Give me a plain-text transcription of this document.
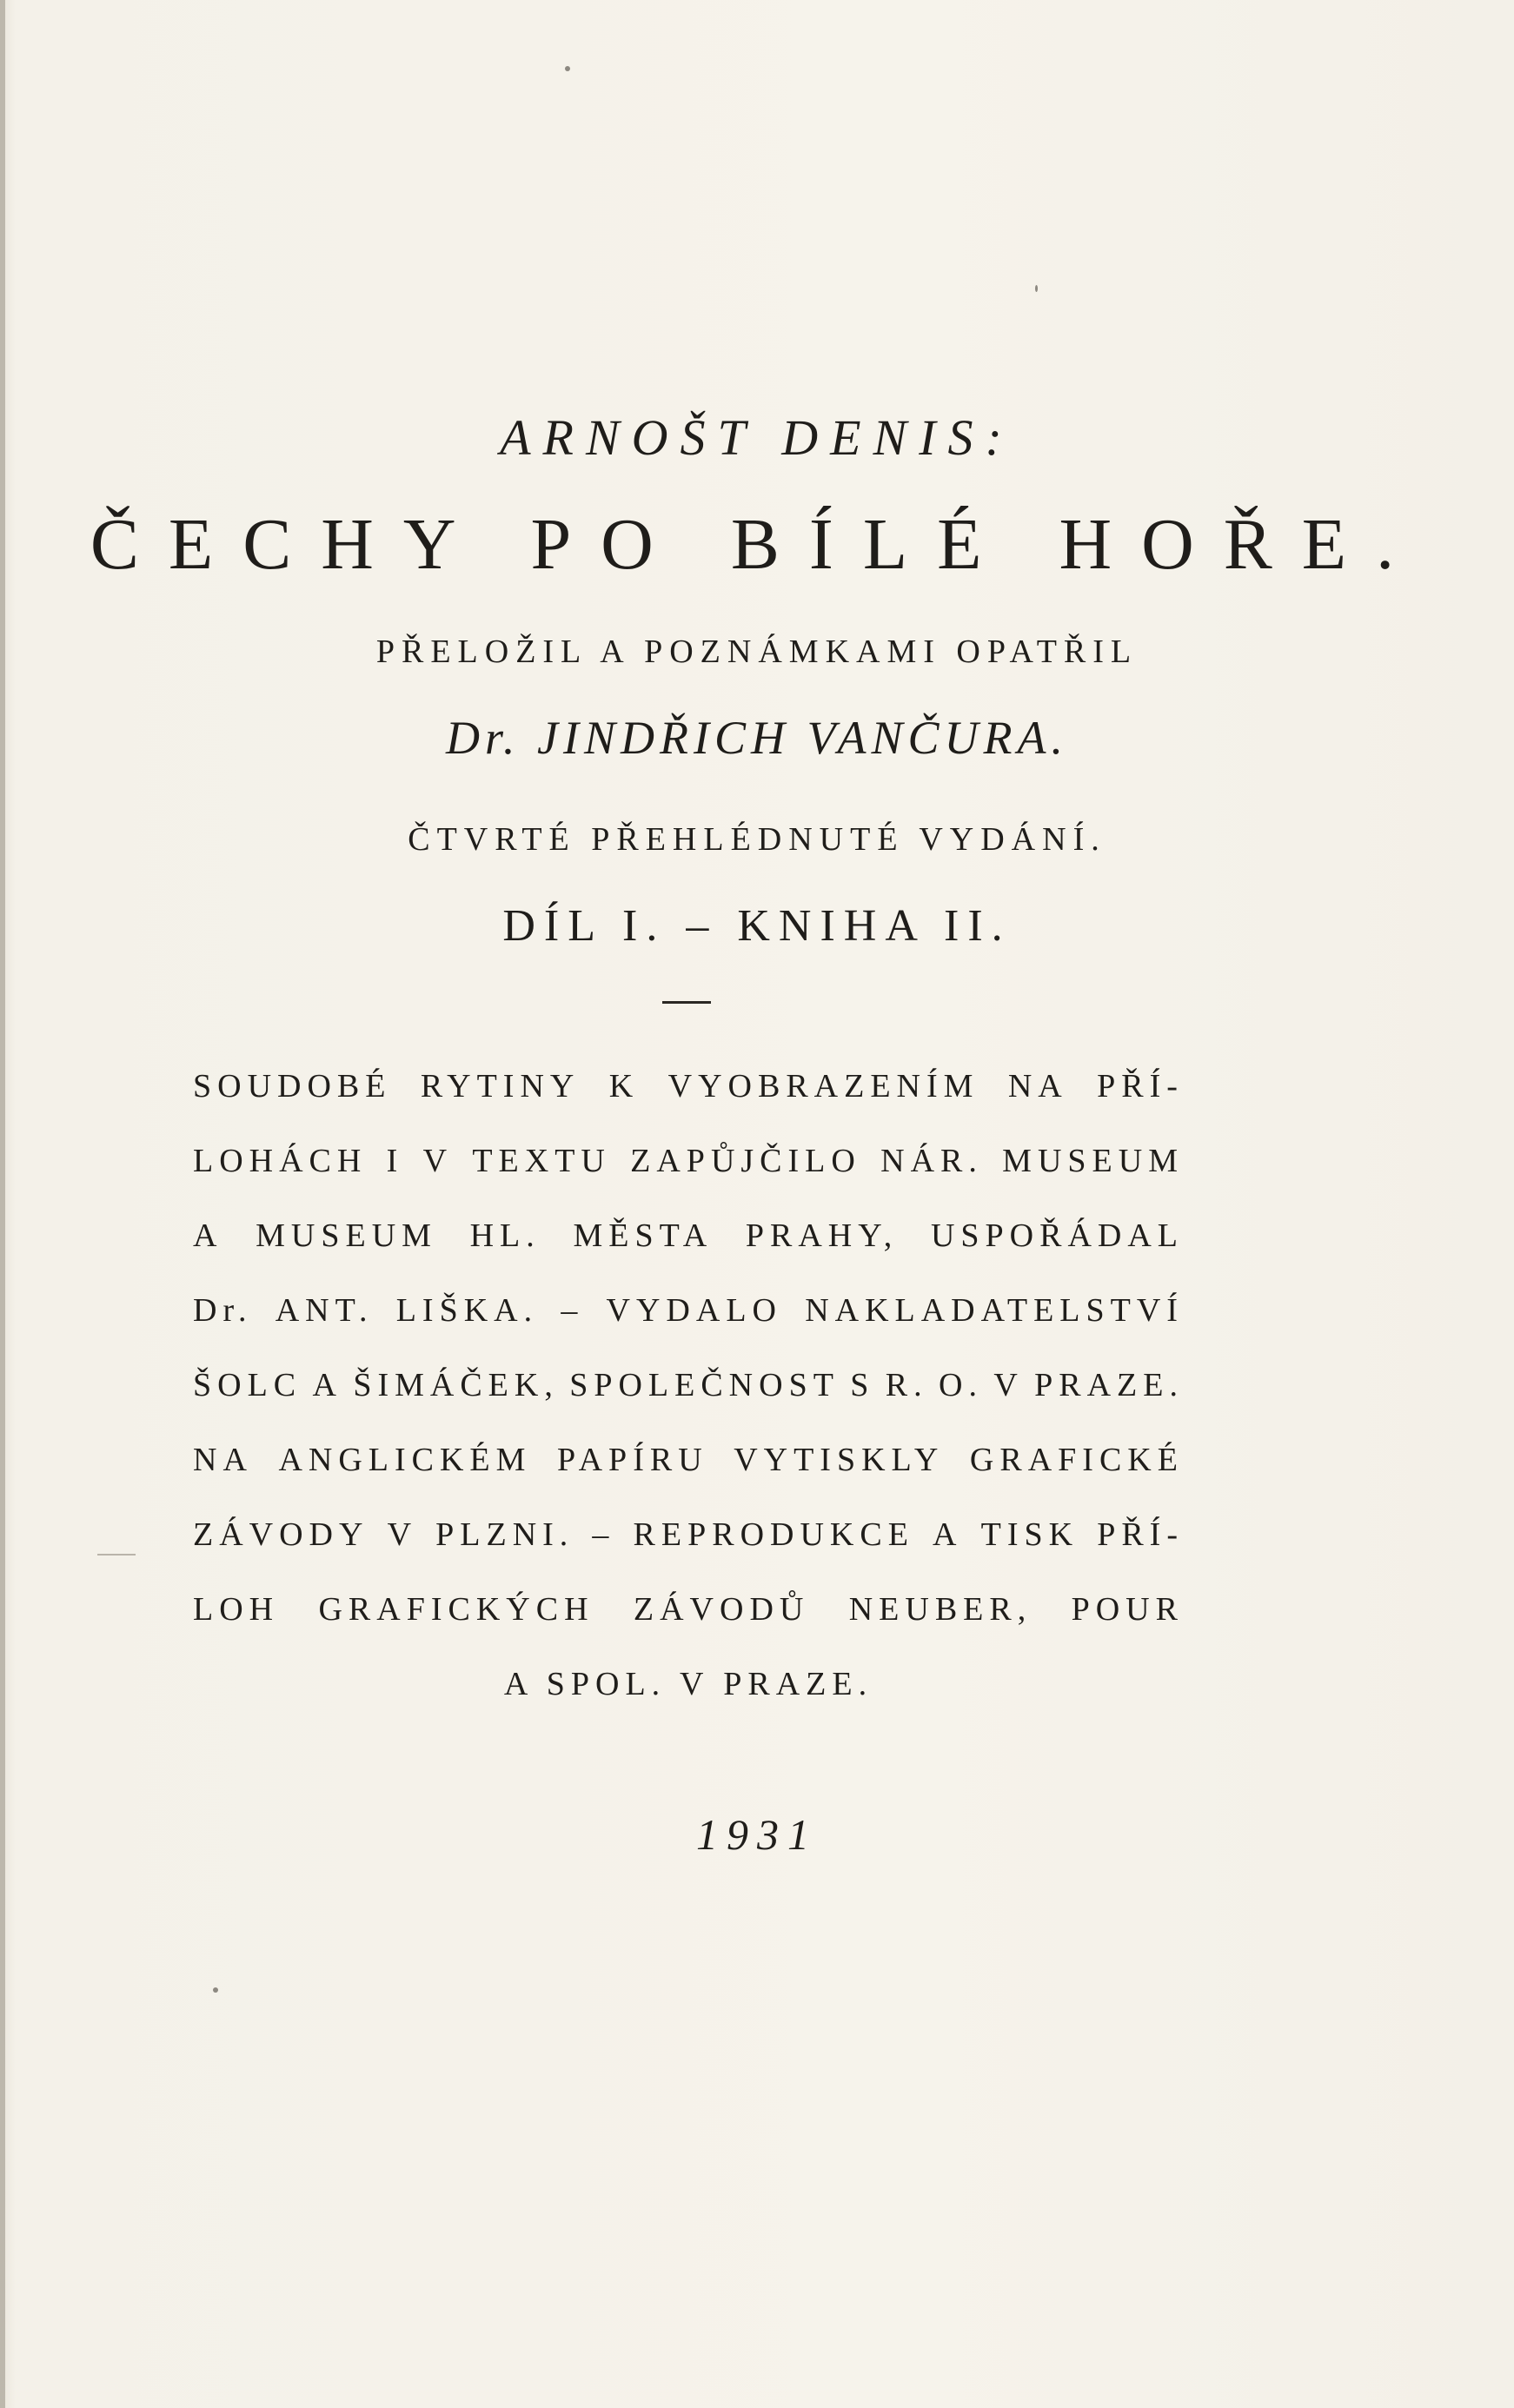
ARNOŠT DENIS:
ČECHY PO BÍLÉ HOŘE.

PŘELOŽIL A POZNÁMKAMI OPATŘIL

Dr. JINDŘICH VANČURA.

ČTVRTÉ PŘEHLÉDNUTÉ VYDÁNÍ.

DÍL I. – KNIHA II.

SOUDOBÉ RYTINY K VYOBRAZENÍM NA PŘÍ-

LOHÁCH I V TEXTU ZAPŮJČILO NÁR. MUSEUM

A MUSEUM HL. MĚSTA PRAHY, USPOŘÁDAL

Dr. ANT. LIŠKA. – VYDALO NAKLADATELSTVÍ

ŠOLC A ŠIMÁČEK, SPOLEČNOST S R. O. V PRAZE.

NA ANGLICKÉM PAPÍRU VYTISKLY GRAFICKÉ

ZÁVODY V PLZNI. – REPRODUKCE A TISK PŘÍ-

LOH GRAFICKÝCH ZÁVODŮ NEUBER, POUR

A SPOL. V PRAZE.

1931
